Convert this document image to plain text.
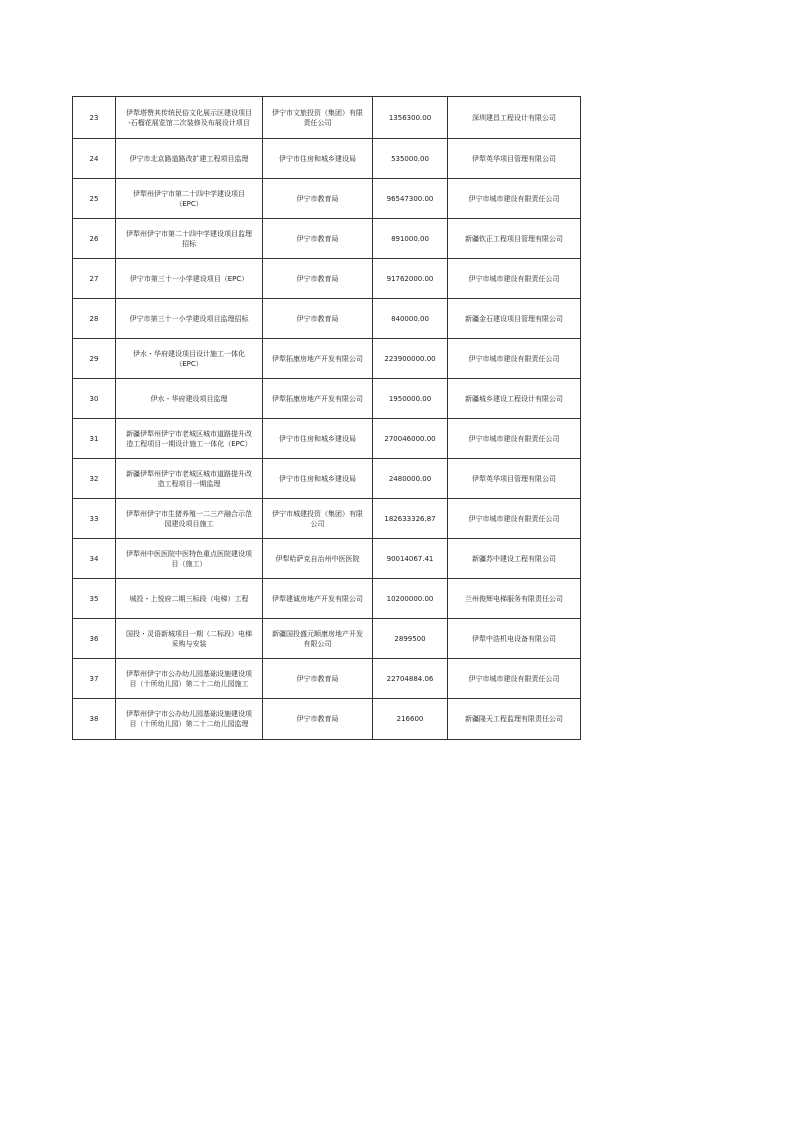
23	伊犁塔赞其传统民俗文化展示区建设项目
-石榴花展览馆二次装修及布展设计项目	伊宁市文旅投资（集团）有限
责任公司	1356300.00	深圳建昌工程设计有限公司

24	伊宁市北京路道路改扩建工程项目监理	伊宁市住房和城乡建设局	535000.00	伊犁英华项目管理有限公司

25	伊犁州伊宁市第二十四中学建设项目
（EPC）	伊宁市教育局	96547300.00	伊宁市城市建设有限责任公司

26	伊犁州伊宁市第二十四中学建设项目监理
招标	伊宁市教育局	891000.00	新疆钦正工程项目管理有限公司

27	伊宁市第三十一小学建设项目（EPC）	伊宁市教育局	91762000.00	伊宁市城市建设有限责任公司

28	伊宁市第三十一小学建设项目监理招标	伊宁市教育局	840000.00	新疆金石建设项目管理有限公司

29	伊水・华府建设项目设计施工一体化
（EPC）	伊犁拓康房地产开发有限公司	223900000.00	伊宁市城市建设有限责任公司

30	伊水・华府建设项目监理	伊犁拓康房地产开发有限公司	1950000.00	新疆城乡建设工程设计有限公司

31	新疆伊犁州伊宁市老城区城市道路提升改
造工程项目一期设计施工一体化（EPC）	伊宁市住房和城乡建设局	270046000.00	伊宁市城市建设有限责任公司

32	新疆伊犁州伊宁市老城区城市道路提升改
造工程项目一期监理	伊宁市住房和城乡建设局	2480000.00	伊犁英华项目管理有限公司

33	伊犁州伊宁市生猪养殖一二三产融合示范
园建设项目施工	伊宁市城建投资（集团）有限
公司	182633326.87	伊宁市城市建设有限责任公司

34	伊犁州中医医院中医特色重点医院建设项
目（施工）	伊犁哈萨克自治州中医医院	90014067.41	新疆苏中建设工程有限公司

35	城投・上悦府二期三标段（电梯）工程	伊犁建诚房地产开发有限公司	10200000.00	兰州俊辉电梯服务有限责任公司

36	国投・灵语新城项目一期（二标段）电梯
采购与安装	新疆国投盛元顺康房地产开发
有限公司	2899500	伊犁中浩机电设备有限公司

37	伊犁州伊宁市公办幼儿园基础设施建设项
目（十所幼儿园）第二十二幼儿园施工	伊宁市教育局	22704884.06	伊宁市城市建设有限责任公司

38	伊犁州伊宁市公办幼儿园基础设施建设项
目（十所幼儿园）第二十二幼儿园监理	伊宁市教育局	216600	新疆隆天工程监理有限责任公司
